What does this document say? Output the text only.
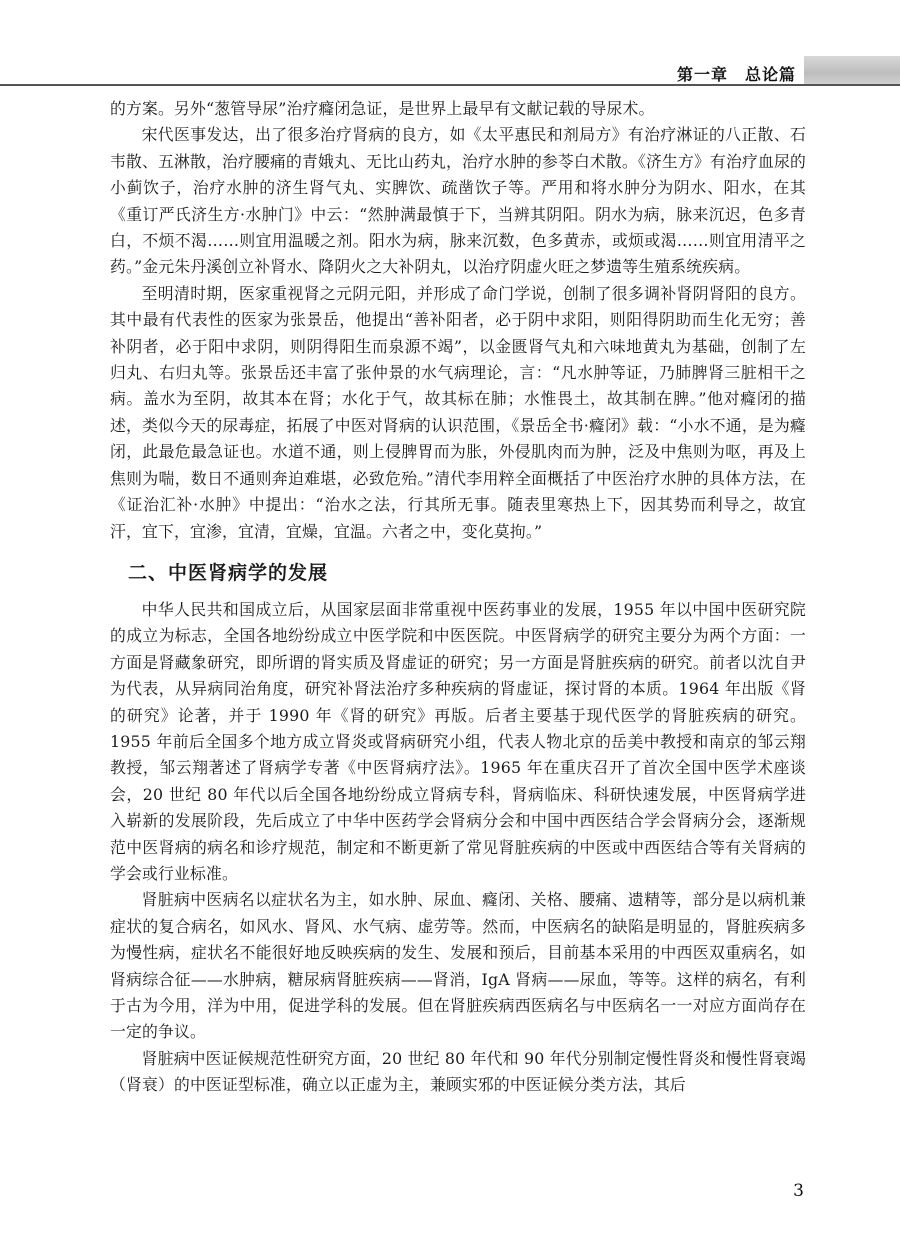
第一章　总论篇

的方案。另外“葱管导尿”治疗癃闭急证，是世界上最早有文献记载的导尿术。

宋代医事发达，出了很多治疗肾病的良方，如《太平惠民和剂局方》有治疗淋证的八正散、石韦散、五淋散，治疗腰痛的青娥丸、无比山药丸，治疗水肿的参苓白术散。《济生方》有治疗血尿的小蓟饮子，治疗水肿的济生肾气丸、实脾饮、疏凿饮子等。严用和将水肿分为阴水、阳水，在其《重订严氏济生方·水肿门》中云：“然肿满最慎于下，当辨其阴阳。阴水为病，脉来沉迟，色多青白，不烦不渴……则宜用温暖之剂。阳水为病，脉来沉数，色多黄赤，或烦或渴……则宜用清平之药。”金元朱丹溪创立补肾水、降阴火之大补阴丸，以治疗阴虚火旺之梦遗等生殖系统疾病。

至明清时期，医家重视肾之元阴元阳，并形成了命门学说，创制了很多调补肾阴肾阳的良方。其中最有代表性的医家为张景岳，他提出“善补阳者，必于阴中求阳，则阳得阴助而生化无穷；善补阴者，必于阳中求阴，则阴得阳生而泉源不竭”，以金匮肾气丸和六味地黄丸为基础，创制了左归丸、右归丸等。张景岳还丰富了张仲景的水气病理论，言：“凡水肿等证，乃肺脾肾三脏相干之病。盖水为至阴，故其本在肾；水化于气，故其标在肺；水惟畏土，故其制在脾。”他对癃闭的描述，类似今天的尿毒症，拓展了中医对肾病的认识范围，《景岳全书·癃闭》载：“小水不通，是为癃闭，此最危最急证也。水道不通，则上侵脾胃而为胀，外侵肌肉而为肿，泛及中焦则为呕，再及上焦则为喘，数日不通则奔迫难堪，必致危殆。”清代李用粹全面概括了中医治疗水肿的具体方法，在《证治汇补·水肿》中提出：“治水之法，行其所无事。随表里寒热上下，因其势而利导之，故宜汗，宜下，宜渗，宜清，宜燥，宜温。六者之中，变化莫拘。”

二、中医肾病学的发展

中华人民共和国成立后，从国家层面非常重视中医药事业的发展，1955 年以中国中医研究院的成立为标志，全国各地纷纷成立中医学院和中医医院。中医肾病学的研究主要分为两个方面：一方面是肾藏象研究，即所谓的肾实质及肾虚证的研究；另一方面是肾脏疾病的研究。前者以沈自尹为代表，从异病同治角度，研究补肾法治疗多种疾病的肾虚证，探讨肾的本质。1964 年出版《肾的研究》论著，并于 1990 年《肾的研究》再版。后者主要基于现代医学的肾脏疾病的研究。1955 年前后全国多个地方成立肾炎或肾病研究小组，代表人物北京的岳美中教授和南京的邹云翔教授，邹云翔著述了肾病学专著《中医肾病疗法》。1965 年在重庆召开了首次全国中医学术座谈会，20 世纪 80 年代以后全国各地纷纷成立肾病专科，肾病临床、科研快速发展，中医肾病学进入崭新的发展阶段，先后成立了中华中医药学会肾病分会和中国中西医结合学会肾病分会，逐渐规范中医肾病的病名和诊疗规范，制定和不断更新了常见肾脏疾病的中医或中西医结合等有关肾病的学会或行业标准。

肾脏病中医病名以症状名为主，如水肿、尿血、癃闭、关格、腰痛、遗精等，部分是以病机兼症状的复合病名，如风水、肾风、水气病、虚劳等。然而，中医病名的缺陷是明显的，肾脏疾病多为慢性病，症状名不能很好地反映疾病的发生、发展和预后，目前基本采用的中西医双重病名，如肾病综合征——水肿病，糖尿病肾脏疾病——肾消，IgA 肾病——尿血，等等。这样的病名，有利于古为今用，洋为中用，促进学科的发展。但在肾脏疾病西医病名与中医病名一一对应方面尚存在一定的争议。

肾脏病中医证候规范性研究方面，20 世纪 80 年代和 90 年代分别制定慢性肾炎和慢性肾衰竭（肾衰）的中医证型标准，确立以正虚为主，兼顾实邪的中医证候分类方法，其后

3
